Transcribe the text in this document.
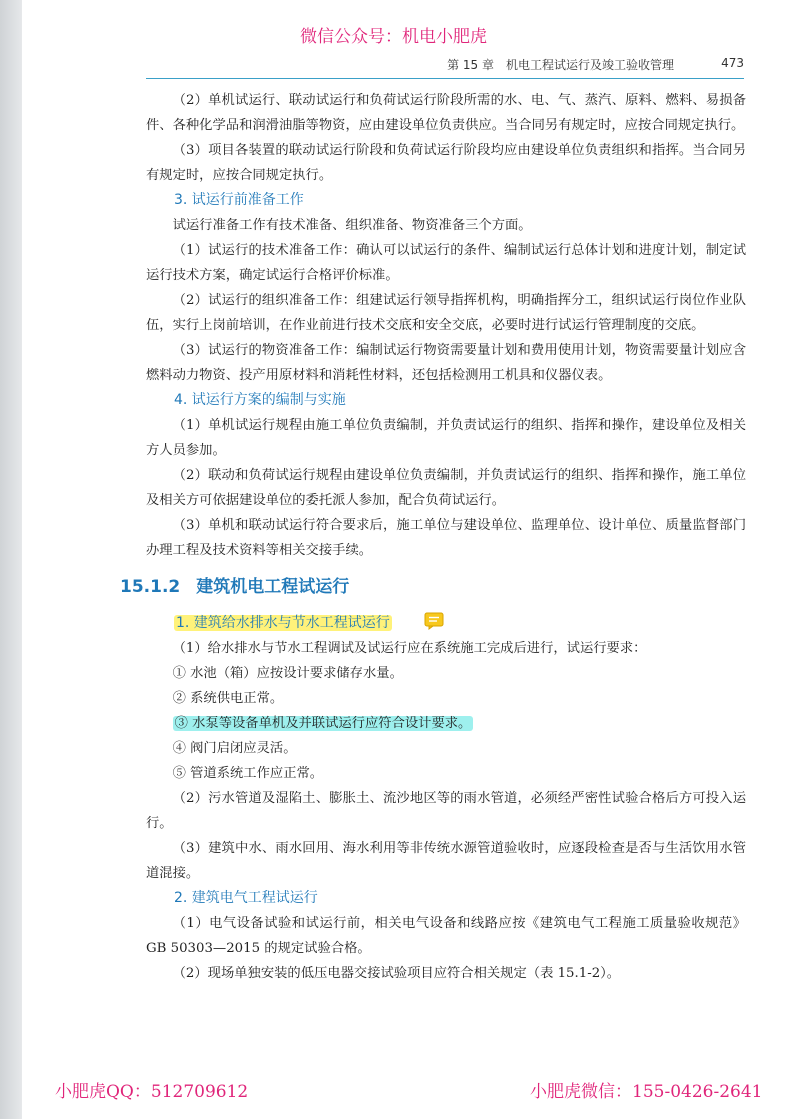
微信公众号：机电小肥虎
第 15 章　机电工程试运行及竣工验收管理	473

（2）单机试运行、联动试运行和负荷试运行阶段所需的水、电、气、蒸汽、原料、燃料、易损备件、各种化学品和润滑油脂等物资，应由建设单位负责供应。当合同另有规定时，应按合同规定执行。

（3）项目各装置的联动试运行阶段和负荷试运行阶段均应由建设单位负责组织和指挥。当合同另有规定时，应按合同规定执行。

3. 试运行前准备工作

试运行准备工作有技术准备、组织准备、物资准备三个方面。

（1）试运行的技术准备工作：确认可以试运行的条件、编制试运行总体计划和进度计划，制定试运行技术方案，确定试运行合格评价标准。

（2）试运行的组织准备工作：组建试运行领导指挥机构，明确指挥分工，组织试运行岗位作业队伍，实行上岗前培训，在作业前进行技术交底和安全交底，必要时进行试运行管理制度的交底。

（3）试运行的物资准备工作：编制试运行物资需要量计划和费用使用计划，物资需要量计划应含燃料动力物资、投产用原材料和消耗性材料，还包括检测用工机具和仪器仪表。

4. 试运行方案的编制与实施

（1）单机试运行规程由施工单位负责编制，并负责试运行的组织、指挥和操作，建设单位及相关方人员参加。

（2）联动和负荷试运行规程由建设单位负责编制，并负责试运行的组织、指挥和操作，施工单位及相关方可依据建设单位的委托派人参加，配合负荷试运行。

（3）单机和联动试运行符合要求后，施工单位与建设单位、监理单位、设计单位、质量监督部门办理工程及技术资料等相关交接手续。

15.1.2 建筑机电工程试运行

1. 建筑给水排水与节水工程试运行

（1）给水排水与节水工程调试及试运行应在系统施工完成后进行，试运行要求：

① 水池（箱）应按设计要求储存水量。

② 系统供电正常。

③ 水泵等设备单机及并联试运行应符合设计要求。

④ 阀门启闭应灵活。

⑤ 管道系统工作应正常。

（2）污水管道及湿陷土、膨胀土、流沙地区等的雨水管道，必须经严密性试验合格后方可投入运行。

（3）建筑中水、雨水回用、海水利用等非传统水源管道验收时，应逐段检查是否与生活饮用水管道混接。

2. 建筑电气工程试运行

（1）电气设备试验和试运行前，相关电气设备和线路应按《建筑电气工程施工质量验收规范》GB 50303—2015 的规定试验合格。

（2）现场单独安装的低压电器交接试验项目应符合相关规定（表 15.1-2）。

小肥虎QQ：512709612	小肥虎微信：155-0426-2641
